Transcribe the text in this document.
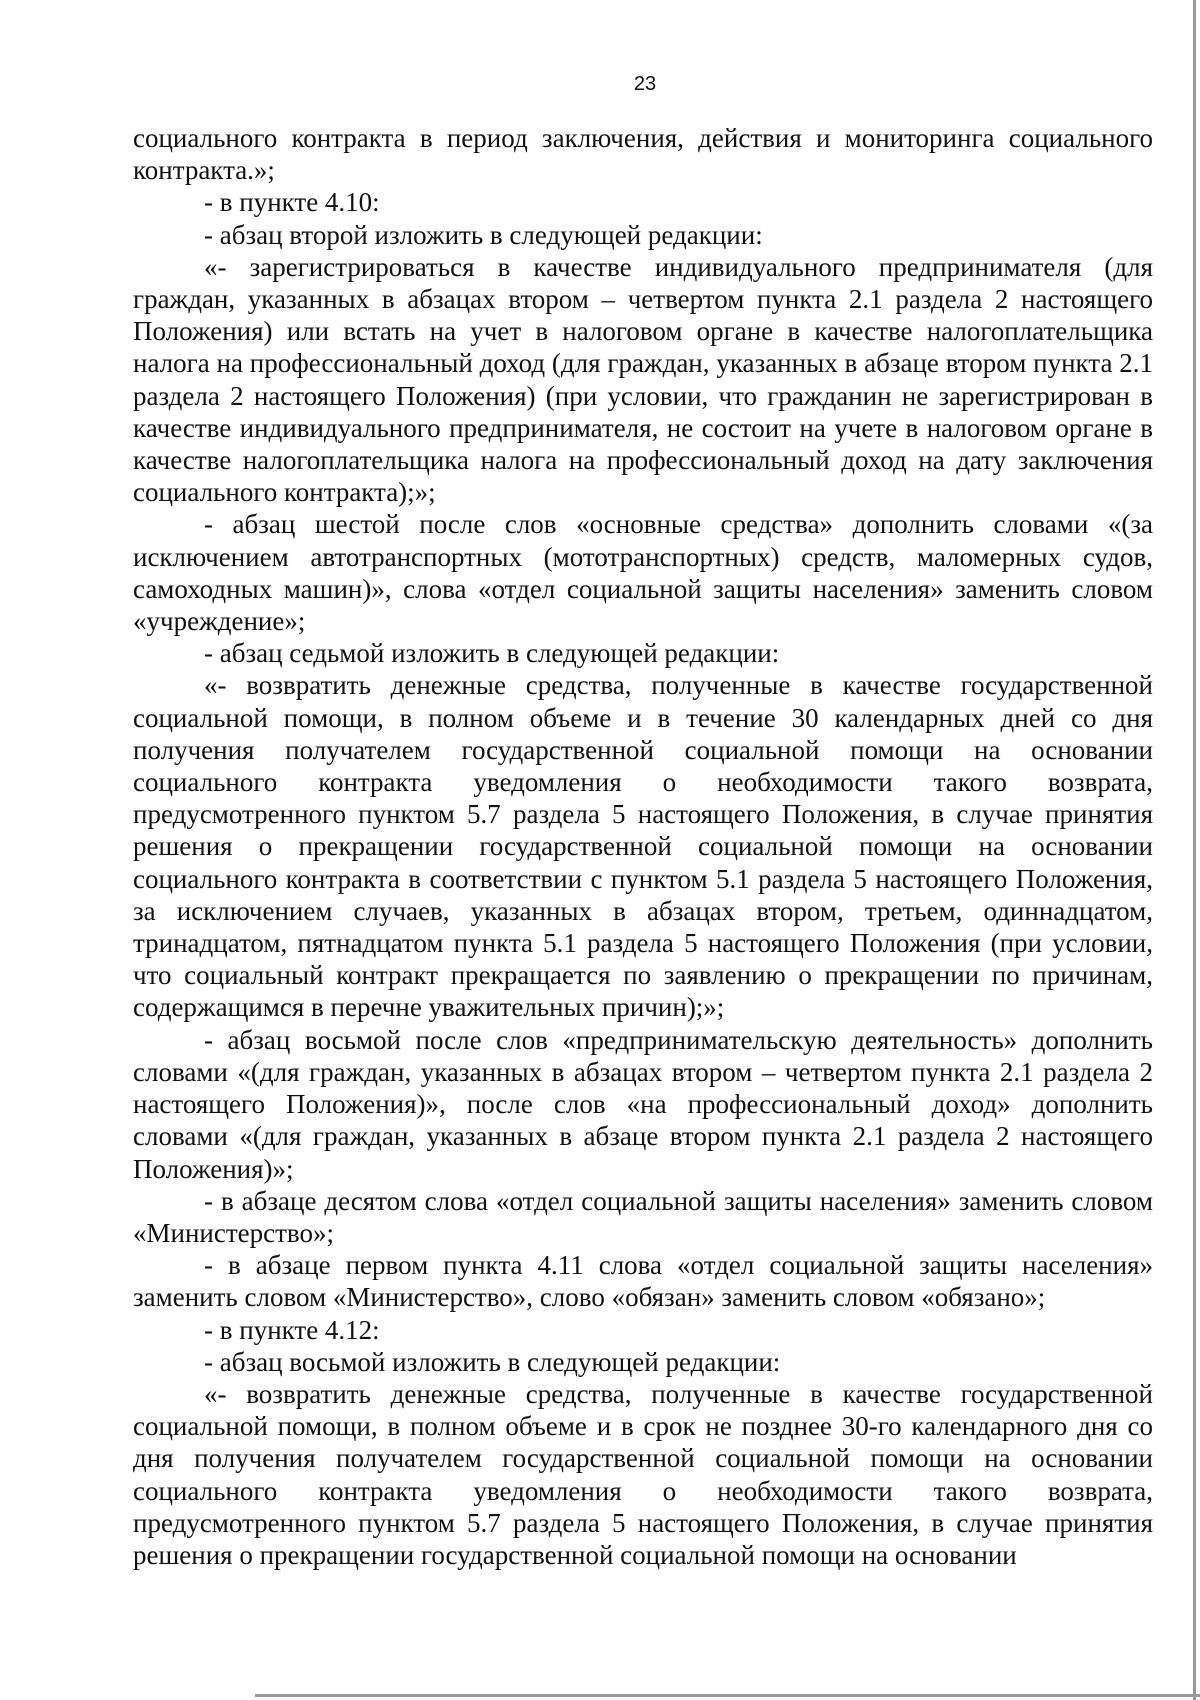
23

социального контракта в период заключения, действия и мониторинга социального контракта.»;

- в пункте 4.10:

- абзац второй изложить в следующей редакции:

«- зарегистрироваться в качестве индивидуального предпринимателя (для граждан, указанных в абзацах втором – четвертом пункта 2.1 раздела 2 настоящего Положения) или встать на учет в налоговом органе в качестве налогоплательщика налога на профессиональный доход (для граждан, указанных в абзаце втором пункта 2.1 раздела 2 настоящего Положения) (при условии, что гражданин не зарегистрирован в качестве индивидуального предпринимателя, не состоит на учете в налоговом органе в качестве налогоплательщика налога на профессиональный доход на дату заключения социального контракта);»;

- абзац шестой после слов «основные средства» дополнить словами «(за исключением автотранспортных (мототранспортных) средств, маломерных судов, самоходных машин)», слова «отдел социальной защиты населения» заменить словом «учреждение»;

- абзац седьмой изложить в следующей редакции:

«- возвратить денежные средства, полученные в качестве государственной социальной помощи, в полном объеме и в течение 30 календарных дней со дня получения получателем государственной социальной помощи на основании социального контракта уведомления о необходимости такого возврата, предусмотренного пунктом 5.7 раздела 5 настоящего Положения, в случае принятия решения о прекращении государственной социальной помощи на основании социального контракта в соответствии с пунктом 5.1 раздела 5 настоящего Положения, за исключением случаев, указанных в абзацах втором, третьем, одиннадцатом, тринадцатом, пятнадцатом пункта 5.1 раздела 5 настоящего Положения (при условии, что социальный контракт прекращается по заявлению о прекращении по причинам, содержащимся в перечне уважительных причин);»;

- абзац восьмой после слов «предпринимательскую деятельность» дополнить словами «(для граждан, указанных в абзацах втором – четвертом пункта 2.1 раздела 2 настоящего Положения)», после слов «на профессиональный доход» дополнить словами «(для граждан, указанных в абзаце втором пункта 2.1 раздела 2 настоящего Положения)»;

- в абзаце десятом слова «отдел социальной защиты населения» заменить словом «Министерство»;

- в абзаце первом пункта 4.11 слова «отдел социальной защиты населения» заменить словом «Министерство», слово «обязан» заменить словом «обязано»;

- в пункте 4.12:

- абзац восьмой изложить в следующей редакции:

«- возвратить денежные средства, полученные в качестве государственной социальной помощи, в полном объеме и в срок не позднее 30-го календарного дня со дня получения получателем государственной социальной помощи на основании социального контракта уведомления о необходимости такого возврата, предусмотренного пунктом 5.7 раздела 5 настоящего Положения, в случае принятия решения о прекращении государственной социальной помощи на основании
